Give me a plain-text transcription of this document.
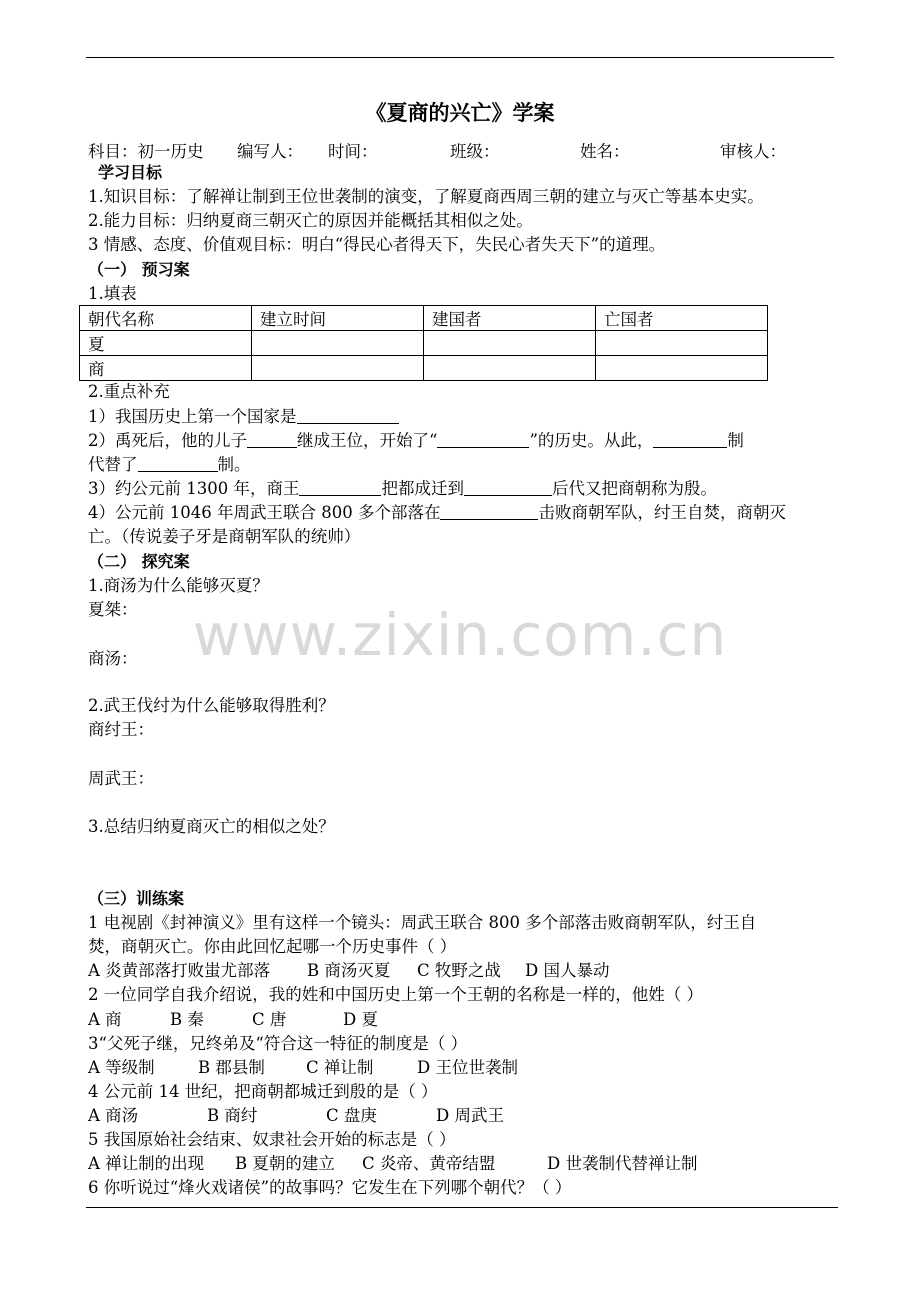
《夏商的兴亡》学案
科目：初一历史 编写人： 时间：	班级：	姓名：	审核人：
学习目标
1.知识目标：了解禅让制到王位世袭制的演变，了解夏商西周三朝的建立与灭亡等基本史实。
2.能力目标：归纳夏商三朝灭亡的原因并能概括其相似之处。
3 情感、态度、价值观目标：明白“得民心者得天下，失民心者失天下”的道理。
（一） 预习案
1.填表
朝代名称	建立时间	建国者	亡国者
夏			
商			
2.重点补充
1）我国历史上第一个国家是
2）禹死后，他的儿子	继成王位，开始了“	”的历史。从此，	制
代替了	制。
3）约公元前 1300 年，商王	把都成迁到	后代又把商朝称为殷。
4）公元前 1046 年周武王联合 800 多个部落在	击败商朝军队，纣王自焚，商朝灭
亡。（传说姜子牙是商朝军队的统帅）
（二） 探究案
1.商汤为什么能够灭夏？
夏桀：
商汤：
2.武王伐纣为什么能够取得胜利？
商纣王：
周武王：
3.总结归纳夏商灭亡的相似之处？
www.zixin.com.cn
（三）训练案
1 电视剧《封神演义》里有这样一个镜头：周武王联合 800 多个部落击败商朝军队，纣王自
焚，商朝灭亡。你由此回忆起哪一个历史事件（ ）
A 炎黄部落打败蚩尤部落 B 商汤灭夏 C 牧野之战 D 国人暴动
2 一位同学自我介绍说，我的姓和中国历史上第一个王朝的名称是一样的，他姓（ ）
A 商	B 秦	C 唐	D 夏
3“父死子继，兄终弟及“符合这一特征的制度是（ ）
A 等级制	B 郡县制 C 禅让制	D 王位世袭制
4 公元前 14 世纪，把商朝都城迁到殷的是（ ）
A 商汤	B 商纣	C 盘庚	D 周武王
5 我国原始社会结束、奴隶社会开始的标志是（ ）
A 禅让制的出现 B 夏朝的建立 C 炎帝、黄帝结盟	D 世袭制代替禅让制
6 你听说过“烽火戏诸侯”的故事吗？它发生在下列哪个朝代？（ ）
